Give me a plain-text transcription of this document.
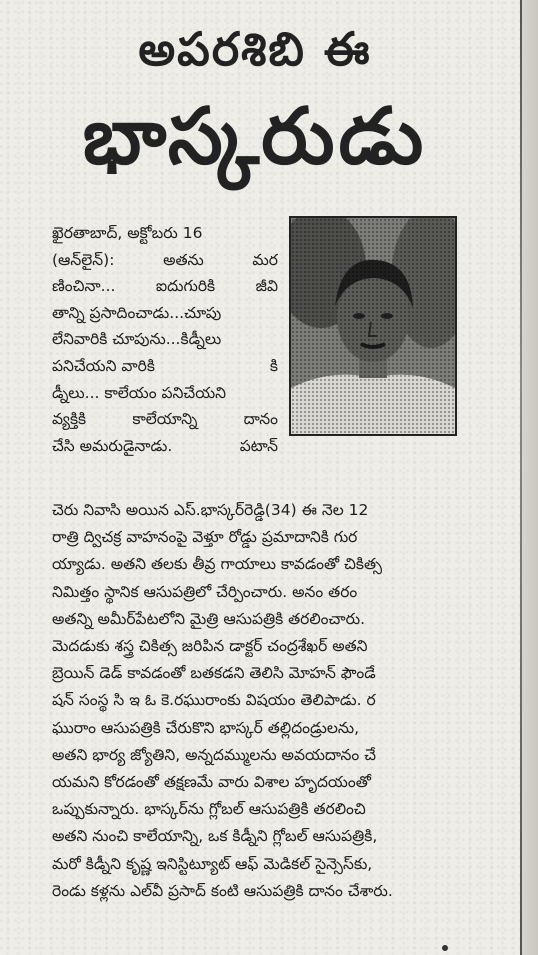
అపరశిబి ఈ
భాస్కరుడు
ఖైరతాబాద్, అక్టోబరు 16
(ఆన్‌లైన్):	అతను	మర
ణించినా...	ఐదుగురికి	జీవి
తాన్ని ప్రసాదించాడు...చూపు
లేనివారికి చూపును...కిడ్నీలు
పనిచేయని వారికి	కి
డ్నీలు... కాలేయం పనిచేయని
వ్యక్తికి	కాలేయాన్ని	దానం
చేసి అమరుడైనాడు.	పటాన్
చెరు నివాసి అయిన ఎస్.భాస్కర్‌రెడ్డి(34) ఈ నెల 12
రాత్రి ద్విచక్ర వాహనంపై వెళ్తూ రోడ్డు ప్రమాదానికి గుర
య్యాడు. అతని తలకు తీవ్ర గాయాలు కావడంతో చికిత్స
నిమిత్తం స్థానిక ఆసుపత్రిలో చేర్పించారు. అనం తరం
అతన్ని అమీర్‌పేటలోని మైత్రి ఆసుపత్రికి తరలించారు.
మెదడుకు శస్త్ర చికిత్స జరిపిన డాక్టర్ చంద్రశేఖర్ అతని
బ్రెయిన్ డెడ్ కావడంతో బతకడని తెలిసి మోహన్ ఫౌండే
షన్ సంస్థ సి ఇ ఓ కె.రఘురాంకు విషయం తెలిపాడు. ర
ఘురాం ఆసుపత్రికి చేరుకొని భాస్కర్ తల్లిదండ్రులను,
అతని భార్య జ్యోతిని, అన్నదమ్ములను అవయదానం చే
యమని కోరడంతో తక్షణమే వారు విశాల హృదయంతో
ఒప్పుకున్నారు. భాస్కర్‌ను గ్లోబల్ ఆసుపత్రికి తరలించి
అతని నుంచి కాలేయాన్ని, ఒక కిడ్నీని గ్లోబల్ ఆసుపత్రికి,
మరో కిడ్నీని కృష్ణ ఇనిస్టిట్యూట్ ఆఫ్ మెడికల్ సైన్సెస్‌కు,
రెండు కళ్లను ఎల్‌వీ ప్రసాద్ కంటి ఆసుపత్రికి దానం చేశారు.
